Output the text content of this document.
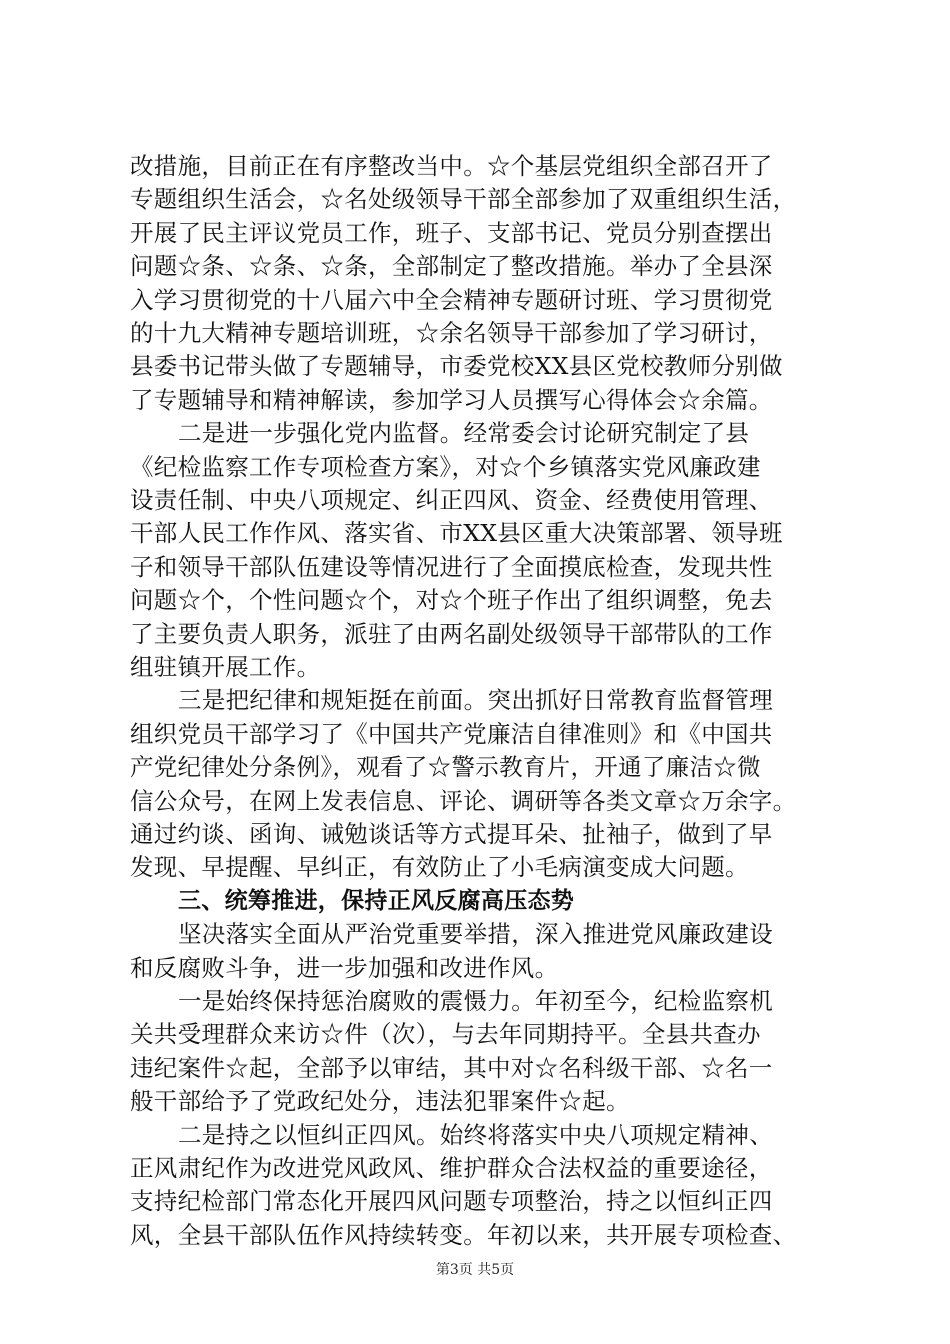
改措施，目前正在有序整改当中。☆个基层党组织全部召开了
专题组织生活会，☆名处级领导干部全部参加了双重组织生活，
开展了民主评议党员工作，班子、支部书记、党员分别查摆出
问题☆条、☆条、☆条，全部制定了整改措施。举办了全县深
入学习贯彻党的十八届六中全会精神专题研讨班、学习贯彻党
的十九大精神专题培训班，☆余名领导干部参加了学习研讨，
县委书记带头做了专题辅导，市委党校XX县区党校教师分别做
了专题辅导和精神解读，参加学习人员撰写心得体会☆余篇。
二是进一步强化党内监督。经常委会讨论研究制定了县
《纪检监察工作专项检查方案》，对☆个乡镇落实党风廉政建
设责任制、中央八项规定、纠正四风、资金、经费使用管理、
干部人民工作作风、落实省、市XX县区重大决策部署、领导班
子和领导干部队伍建设等情况进行了全面摸底检查，发现共性
问题☆个，个性问题☆个，对☆个班子作出了组织调整，免去
了主要负责人职务，派驻了由两名副处级领导干部带队的工作
组驻镇开展工作。
三是把纪律和规矩挺在前面。突出抓好日常教育监督管理
组织党员干部学习了《中国共产党廉洁自律准则》和《中国共
产党纪律处分条例》，观看了☆警示教育片，开通了廉洁☆微
信公众号，在网上发表信息、评论、调研等各类文章☆万余字。
通过约谈、函询、诫勉谈话等方式提耳朵、扯袖子，做到了早
发现、早提醒、早纠正，有效防止了小毛病演变成大问题。
三、统筹推进，保持正风反腐高压态势
坚决落实全面从严治党重要举措，深入推进党风廉政建设
和反腐败斗争，进一步加强和改进作风。
一是始终保持惩治腐败的震慑力。年初至今，纪检监察机
关共受理群众来访☆件（次），与去年同期持平。全县共查办
违纪案件☆起，全部予以审结，其中对☆名科级干部、☆名一
般干部给予了党政纪处分，违法犯罪案件☆起。
二是持之以恒纠正四风。始终将落实中央八项规定精神、
正风肃纪作为改进党风政风、维护群众合法权益的重要途径，
支持纪检部门常态化开展四风问题专项整治，持之以恒纠正四
风，全县干部队伍作风持续转变。年初以来，共开展专项检查、
第3页 共5页
